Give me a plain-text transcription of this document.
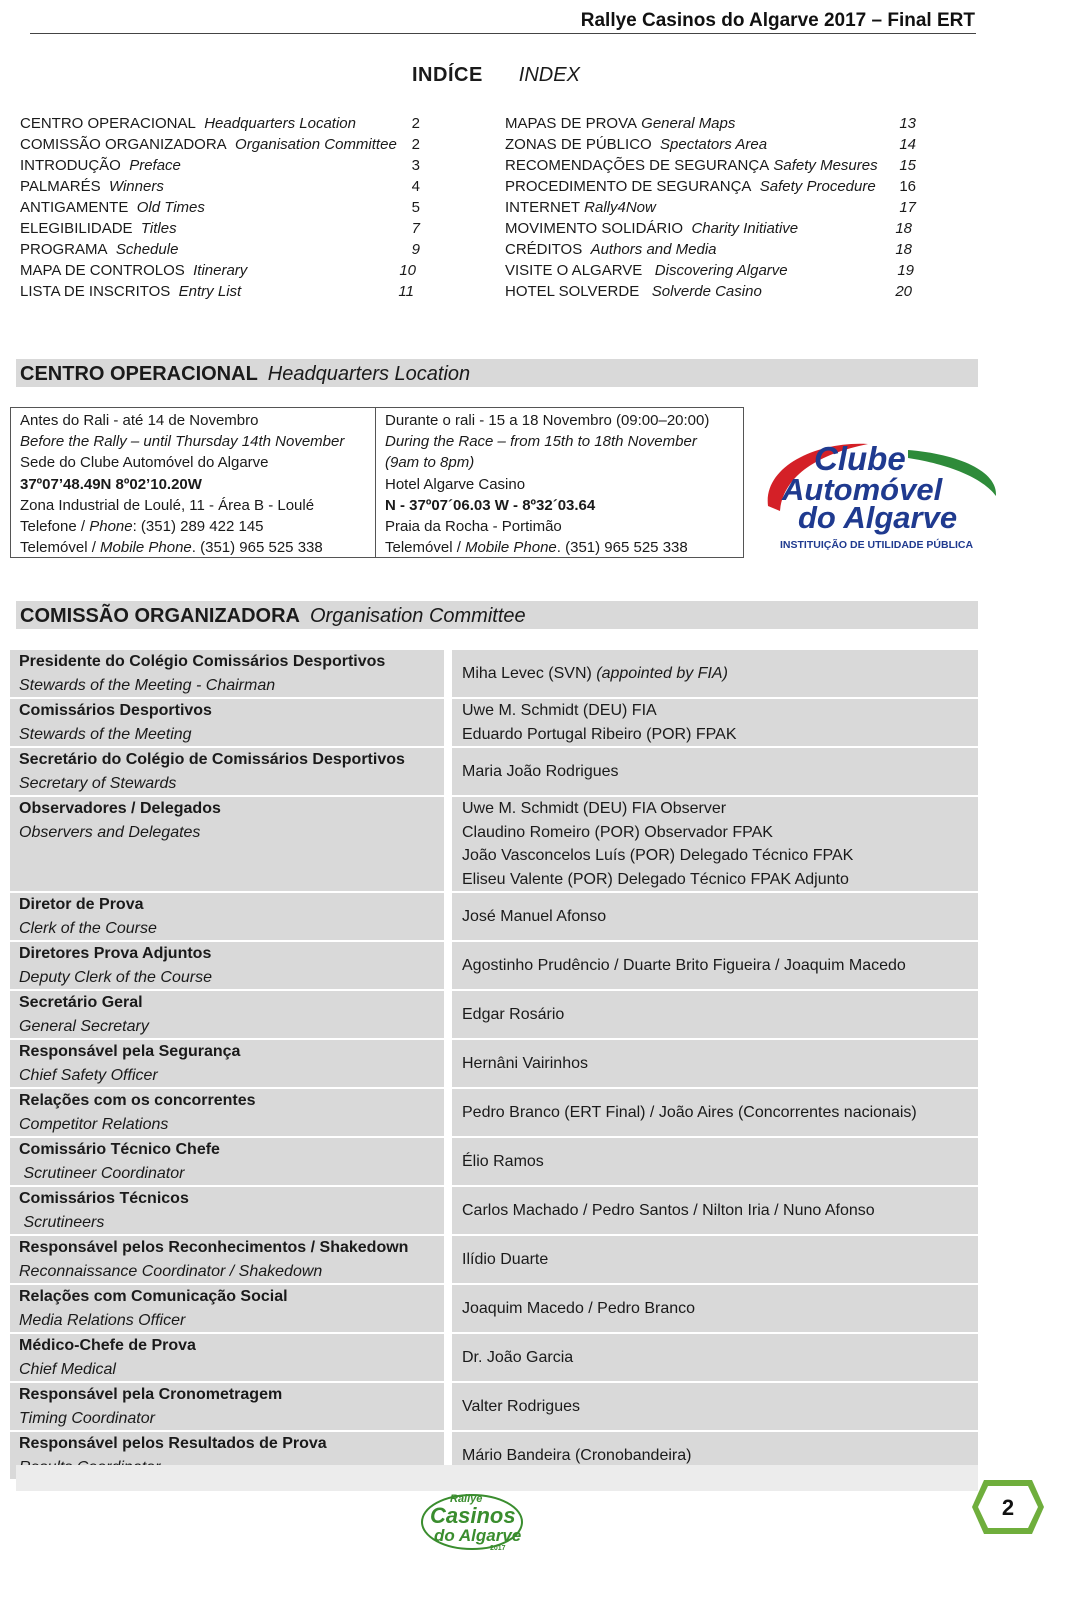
Rallye Casinos do Algarve 2017 – Final ERT
INDÍCE INDEX
CENTRO OPERACIONAL Headquarters Location	2
COMISSÃO ORGANIZADORA Organisation Committee 2
INTRODUÇÃO Preface	3
PALMARÉS Winners	4
ANTIGAMENTE Old Times	5
ELEGIBILIDADE Titles	7
PROGRAMA Schedule	9
MAPA DE CONTROLOS Itinerary	10
LISTA DE INSCRITOS Entry List	11
MAPAS DE PROVA General Maps	13
ZONAS DE PÚBLICO Spectators Area	14
RECOMENDAÇÕES DE SEGURANÇA Safety Mesures 15
PROCEDIMENTO DE SEGURANÇA Safety Procedure 16
INTERNET Rally4Now	17
MOVIMENTO SOLIDÁRIO Charity Initiative	18
CRÉDITOS Authors and Media	18
VISITE O ALGARVE Discovering Algarve	19
HOTEL SOLVERDE Solverde Casino	20
CENTRO OPERACIONAL Headquarters Location
Antes do Rali - até 14 de Novembro
Before the Rally – until Thursday 14th November
Sede do Clube Automóvel do Algarve
37º07’48.49N 8º02’10.20W
Zona Industrial de Loulé, 11 - Área B - Loulé
Telefone / Phone: (351) 289 422 145
Telemóvel / Mobile Phone. (351) 965 525 338
Durante o rali - 15 a 18 Novembro (09:00–20:00)
During the Race – from 15th to 18th November
(9am to 8pm)
Hotel Algarve Casino
N - 37º07´06.03 W - 8º32´03.64
Praia da Rocha - Portimão
Telemóvel / Mobile Phone. (351) 965 525 338
Clube
Automóvel
do Algarve
INSTITUIÇÃO DE UTILIDADE PÚBLICA
COMISSÃO ORGANIZADORA Organisation Committee
Presidente do Colégio Comissários Desportivos
Stewards of the Meeting - Chairman		Miha Levec (SVN) (appointed by FIA)

Comissários Desportivos
Stewards of the Meeting		Uwe M. Schmidt (DEU) FIA
Eduardo Portugal Ribeiro (POR) FPAK

Secretário do Colégio de Comissários Desportivos
Secretary of Stewards		Maria João Rodrigues

Observadores / Delegados
Observers and Delegates		Uwe M. Schmidt (DEU) FIA Observer
Claudino Romeiro (POR) Observador FPAK
João Vasconcelos Luís (POR) Delegado Técnico FPAK
Eliseu Valente (POR) Delegado Técnico FPAK Adjunto

Diretor de Prova
Clerk of the Course		José Manuel Afonso

Diretores Prova Adjuntos
Deputy Clerk of the Course		Agostinho Prudêncio / Duarte Brito Figueira / Joaquim Macedo

Secretário Geral
General Secretary		Edgar Rosário

Responsável pela Segurança
Chief Safety Officer		Hernâni Vairinhos

Relações com os concorrentes
Competitor Relations		Pedro Branco (ERT Final) / João Aires (Concorrentes nacionais)

Comissário Técnico Chefe
Scrutineer Coordinator		Élio Ramos

Comissários Técnicos
Scrutineers		Carlos Machado / Pedro Santos / Nilton Iria / Nuno Afonso

Responsável pelos Reconhecimentos / Shakedown
Reconnaissance Coordinator / Shakedown		Ilídio Duarte

Relações com Comunicação Social
Media Relations Officer		Joaquim Macedo / Pedro Branco

Médico-Chefe de Prova
Chief Medical		Dr. João Garcia

Responsável pela Cronometragem
Timing Coordinator		Valter Rodrigues

Responsável pelos Resultados de Prova		Mário Bandeira (Cronobandeira)
Rallye
Casinos
do Algarve
2017
2
